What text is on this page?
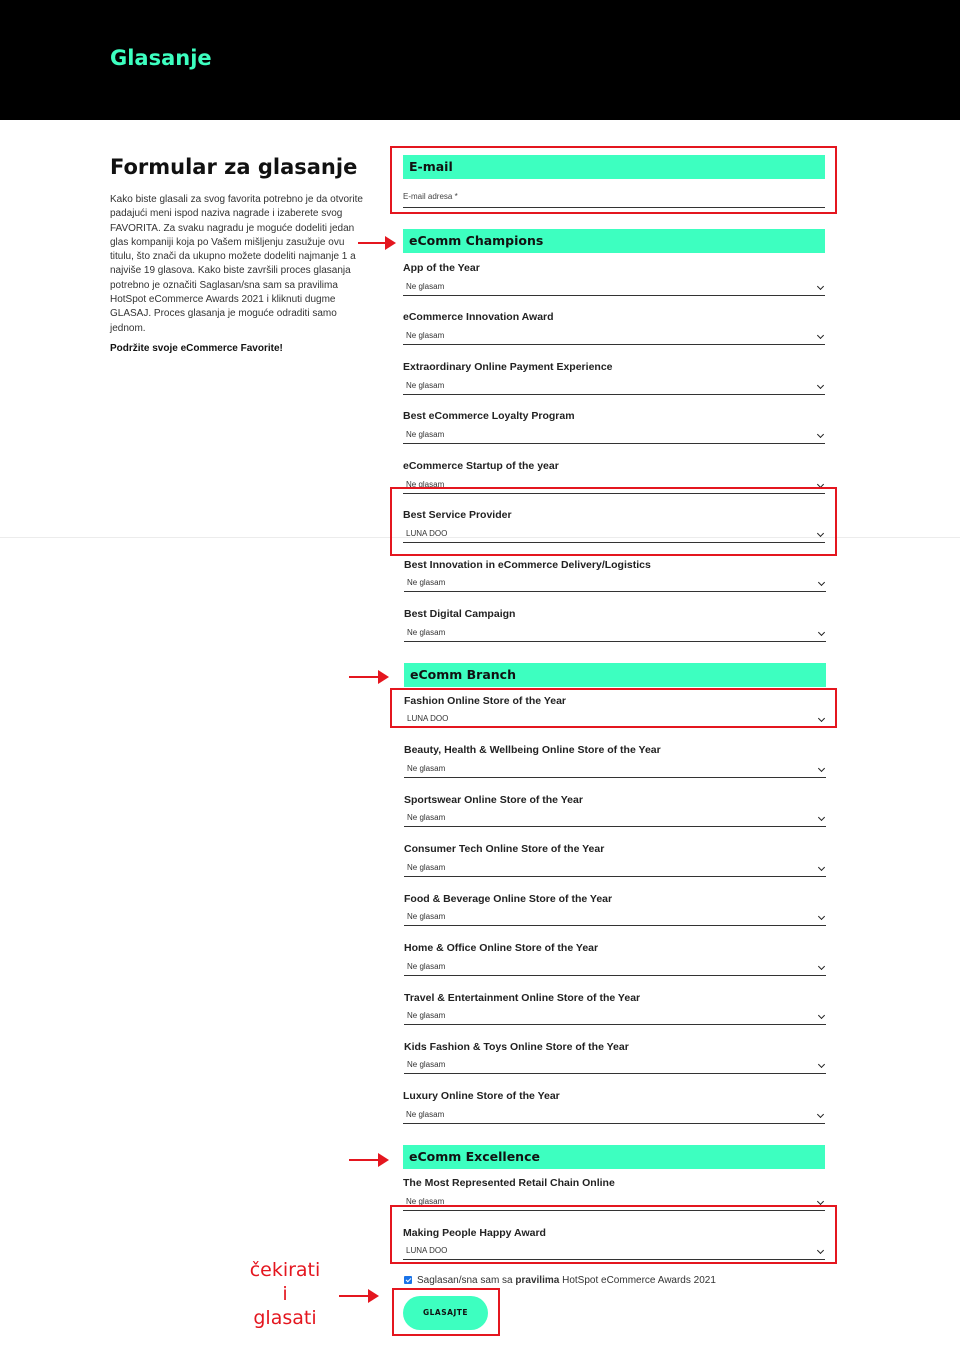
Glasanje
Formular za glasanje
Kako biste glasali za svog favorita potrebno je da otvorite
padajući meni ispod naziva nagrade i izaberete svog
FAVORITA. Za svaku nagradu je moguće dodeliti jedan
glas kompaniji koja po Vašem mišljenju zasužuje ovu
titulu, što znači da ukupno možete dodeliti najmanje 1 a
najviše 19 glasova. Kako biste završili proces glasanja
potrebno je označiti Saglasan/sna sam sa pravilima
HotSpot eCommerce Awards 2021 i kliknuti dugme
GLASAJ. Proces glasanja je moguće odraditi samo
jednom.
Podržite svoje eCommerce Favorite!
E-mail
E-mail adresa *
eComm Champions
eComm Branch
eComm Excellence
App of the Year
Ne glasam
eCommerce Innovation Award
Ne glasam
Extraordinary Online Payment Experience
Ne glasam
Best eCommerce Loyalty Program
Ne glasam
eCommerce Startup of the year
Ne glasam
Best Service Provider
LUNA DOO
Best Innovation in eCommerce Delivery/Logistics
Ne glasam
Best Digital Campaign
Ne glasam
Fashion Online Store of the Year
LUNA DOO
Beauty, Health & Wellbeing Online Store of the Year
Ne glasam
Sportswear Online Store of the Year
Ne glasam
Consumer Tech Online Store of the Year
Ne glasam
Food & Beverage Online Store of the Year
Ne glasam
Home & Office Online Store of the Year
Ne glasam
Travel & Entertainment Online Store of the Year
Ne glasam
Kids Fashion & Toys Online Store of the Year
Ne glasam
Luxury Online Store of the Year
Ne glasam
The Most Represented Retail Chain Online
Ne glasam
Making People Happy Award
LUNA DOO
Saglasan/sna sam sa pravilima HotSpot eCommerce Awards 2021
GLASAJTE
čekirati
i
glasati
